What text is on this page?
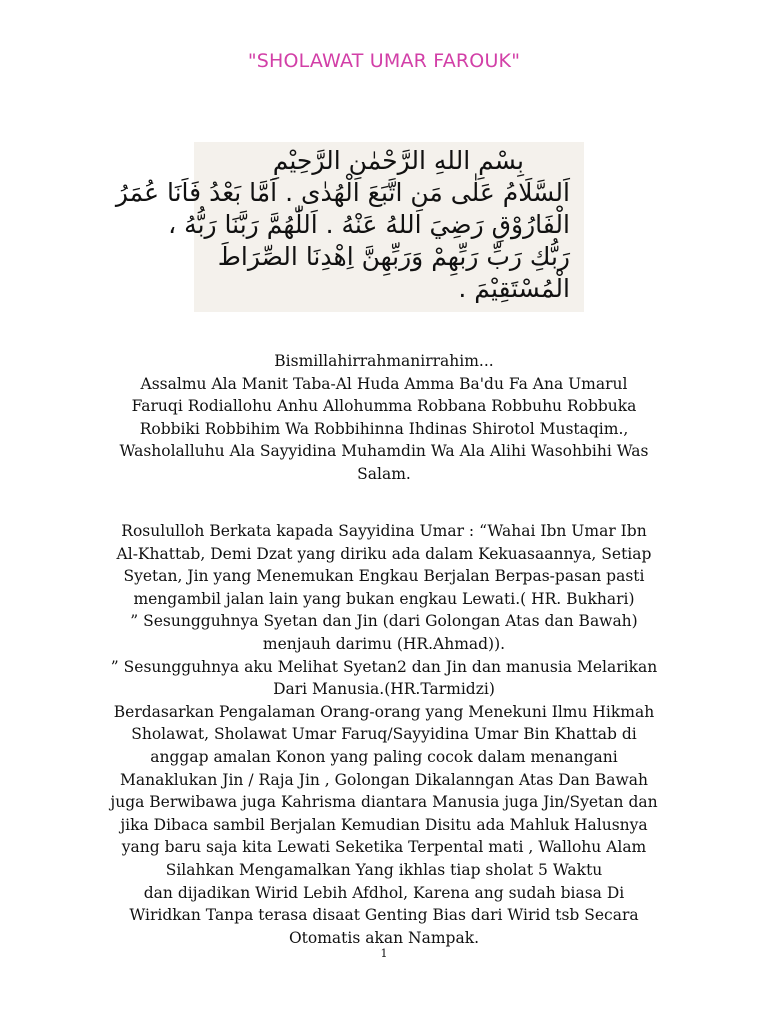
"SHOLAWAT UMAR FAROUK"
بِسْمِ اللهِ الرَّحْمٰنِ الرَّحِيْمِ
اَلسَّلَامُ عَلٰى مَنِ اتَّبَعَ الْهُدٰى . اَمَّا بَعْدُ فَاَنَا عُمَرُ
الْفَارُوْقِ رَضِيَ اللهُ عَنْهُ . اَللّٰهُمَّ رَبَّنَا رَبُّهُ ،
رَبُّكِ رَبِّ رَبِّهِمْ وَرَبِّهِنَّ اِهْدِنَا الصِّرَاطَ
الْمُسْتَقِيْمَ .
Bismillahirrahmanirrahim...
Assalmu Ala Manit Taba-Al Huda Amma Ba'du Fa Ana Umarul
Faruqi Rodiallohu Anhu Allohumma Robbana Robbuhu Robbuka
Robbiki Robbihim Wa Robbihinna Ihdinas Shirotol Mustaqim.,
Washolalluhu Ala Sayyidina Muhamdin Wa Ala Alihi Wasohbihi Was
Salam.
Rosululloh Berkata kapada Sayyidina Umar : “Wahai Ibn Umar Ibn
Al-Khattab, Demi Dzat yang diriku ada dalam Kekuasaannya, Setiap
Syetan, Jin yang Menemukan Engkau Berjalan Berpas-pasan pasti
mengambil jalan lain yang bukan engkau Lewati.( HR. Bukhari)
” Sesungguhnya Syetan dan Jin (dari Golongan Atas dan Bawah)
menjauh darimu (HR.Ahmad)).
” Sesungguhnya aku Melihat Syetan2 dan Jin dan manusia Melarikan
Dari Manusia.(HR.Tarmidzi)
Berdasarkan Pengalaman Orang-orang yang Menekuni Ilmu Hikmah
Sholawat, Sholawat Umar Faruq/Sayyidina Umar Bin Khattab di
anggap amalan Konon yang paling cocok dalam menangani
Manaklukan Jin / Raja Jin , Golongan Dikalanngan Atas Dan Bawah
juga Berwibawa juga Kahrisma diantara Manusia juga Jin/Syetan dan
jika Dibaca sambil Berjalan Kemudian Disitu ada Mahluk Halusnya
yang baru saja kita Lewati Seketika Terpental mati , Wallohu Alam
Silahkan Mengamalkan Yang ikhlas tiap sholat 5 Waktu
dan dijadikan Wirid Lebih Afdhol, Karena ang sudah biasa Di
Wiridkan Tanpa terasa disaat Genting Bias dari Wirid tsb Secara
Otomatis akan Nampak.
1
